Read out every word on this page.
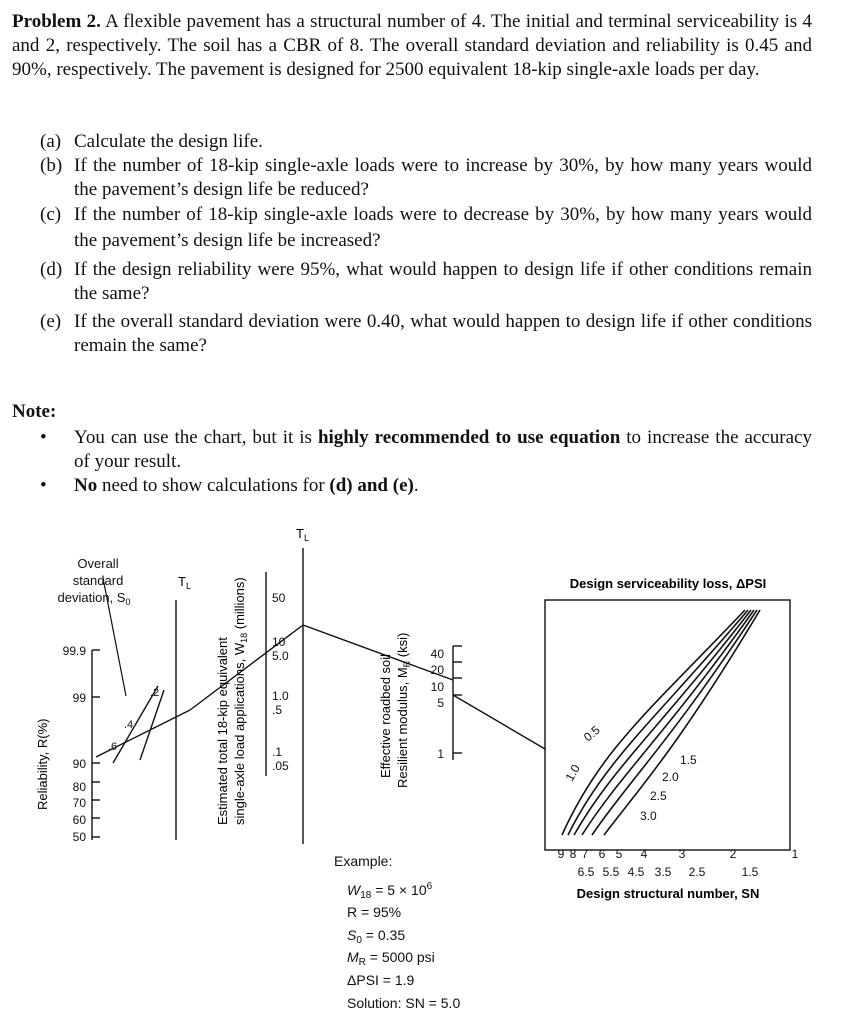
Problem 2. A flexible pavement has a structural number of 4. The initial and terminal serviceability is 4 and 2, respectively. The soil has a CBR of 8. The overall standard deviation and reliability is 0.45 and 90%, respectively. The pavement is designed for 2500 equivalent 18-kip single-axle loads per day.
(a) Calculate the design life.
(b) If the number of 18-kip single-axle loads were to increase by 30%, by how many years would the pavement’s design life be reduced?
(c) If the number of 18-kip single-axle loads were to decrease by 30%, by how many years would the pavement’s design life be increased?
(d) If the design reliability were 95%, what would happen to design life if other conditions remain the same?
(e) If the overall standard deviation were 0.40, what would happen to design life if other conditions remain the same?
Note:
• You can use the chart, but it is highly recommended to use equation to increase the accuracy of your result.
• No need to show calculations for (d) and (e).
99.9
99
90
80
70
60
50
Reliability, R(%)
Overall
standard
deviation, $S_0$
.2
.4
.6
$T_L$
$T_L$
Estimated total 18-kip equivalent single-axle load applications, $W_{18}$ (millions) 50
10
5.0
1.0
.5
.1
.05	Effective roadbed soil Resilient modulus, $M_R$ (ksi) 40
20
10
5
1
Design serviceability loss, ΔPSI
0.5
1.0
1.5
2.0
2.5
3.0
9 8 7 6 5 4	3	2	1
6.5 5.5 4.5 3.5 2.5	1.5
Design structural number, SN
Example:
$W_{18} = 5 \times 10^6$
R = 95%
$S_0 = 0.35$
$M_R = 5000$ psi
ΔPSI = 1.9
Solution: SN = 5.0
